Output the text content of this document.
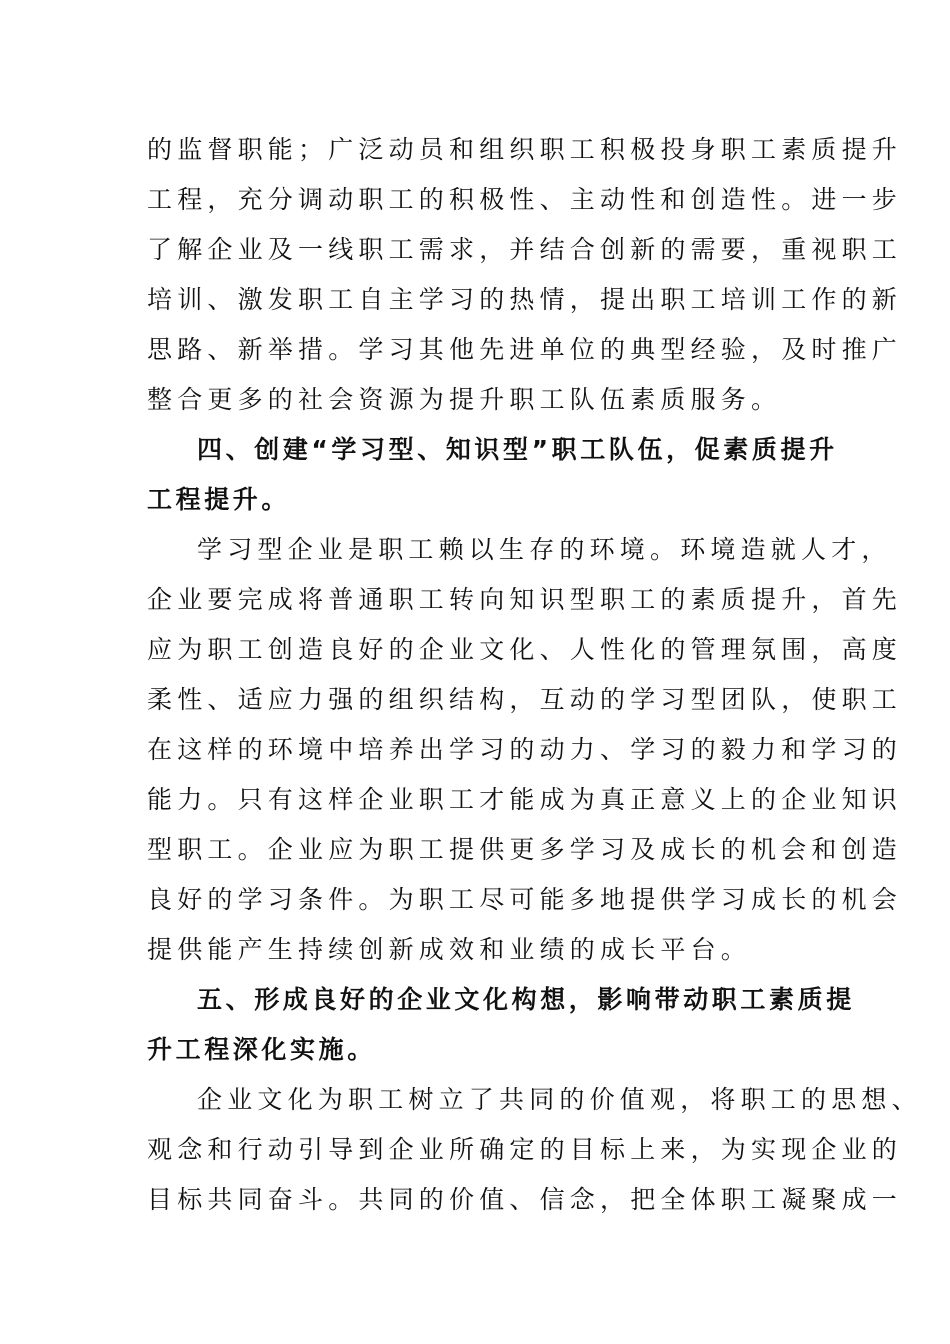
的监督职能；广泛动员和组织职工积极投身职工素质提升
工程，充分调动职工的积极性、主动性和创造性。进一步
了解企业及一线职工需求，并结合创新的需要，重视职工
培训、激发职工自主学习的热情，提出职工培训工作的新
思路、新举措。学习其他先进单位的典型经验，及时推广
整合更多的社会资源为提升职工队伍素质服务。
四、创建“学习型、知识型”职工队伍，促素质提升
工程提升。
学习型企业是职工赖以生存的环境。环境造就人才，
企业要完成将普通职工转向知识型职工的素质提升，首先
应为职工创造良好的企业文化、人性化的管理氛围，高度
柔性、适应力强的组织结构，互动的学习型团队，使职工
在这样的环境中培养出学习的动力、学习的毅力和学习的
能力。只有这样企业职工才能成为真正意义上的企业知识
型职工。企业应为职工提供更多学习及成长的机会和创造
良好的学习条件。为职工尽可能多地提供学习成长的机会
提供能产生持续创新成效和业绩的成长平台。
五、形成良好的企业文化构想，影响带动职工素质提
升工程深化实施。
企业文化为职工树立了共同的价值观，将职工的思想、
观念和行动引导到企业所确定的目标上来，为实现企业的
目标共同奋斗。共同的价值、信念，把全体职工凝聚成一
